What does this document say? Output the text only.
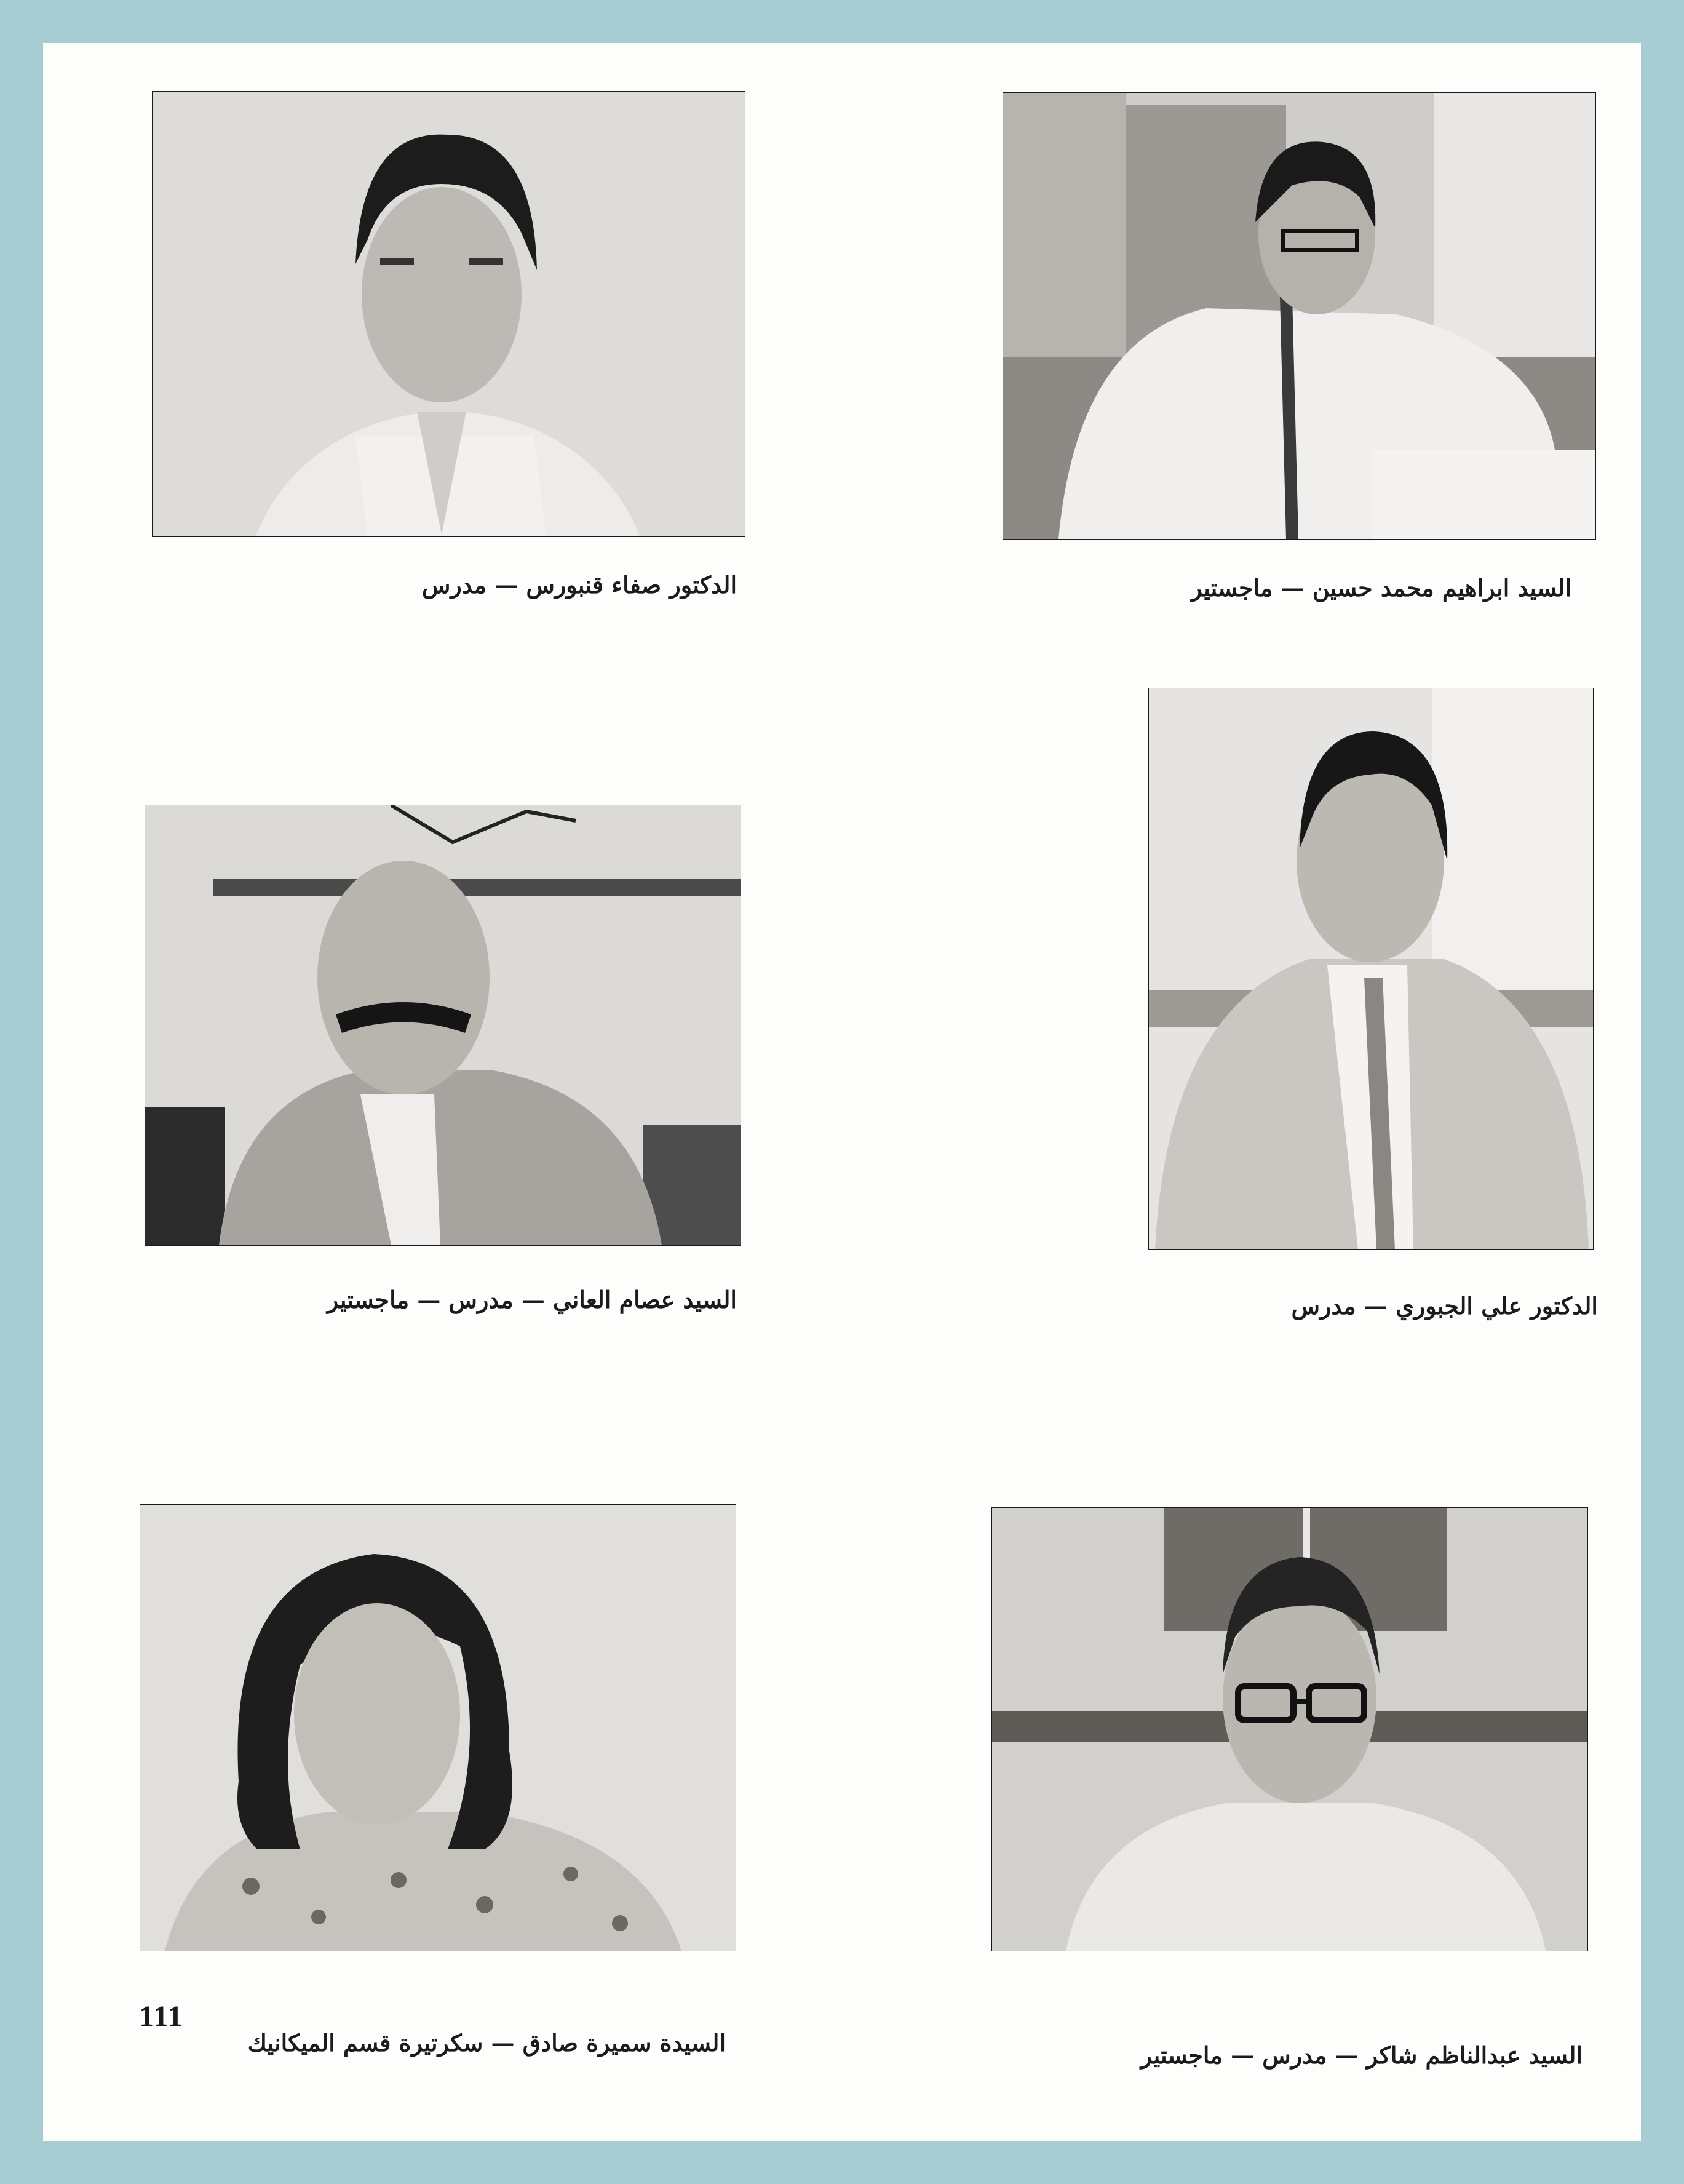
الدكتور صفاء قنبورس — مدرس	السيد ابراهيم محمد حسين — ماجستير
السيد عصام العاني — مدرس — ماجستير	الدكتور علي الجبوري — مدرس
السيدة سميرة صادق — سكرتيرة قسم الميكانيك
111
السيد عبدالناظم شاكر — مدرس — ماجستير
